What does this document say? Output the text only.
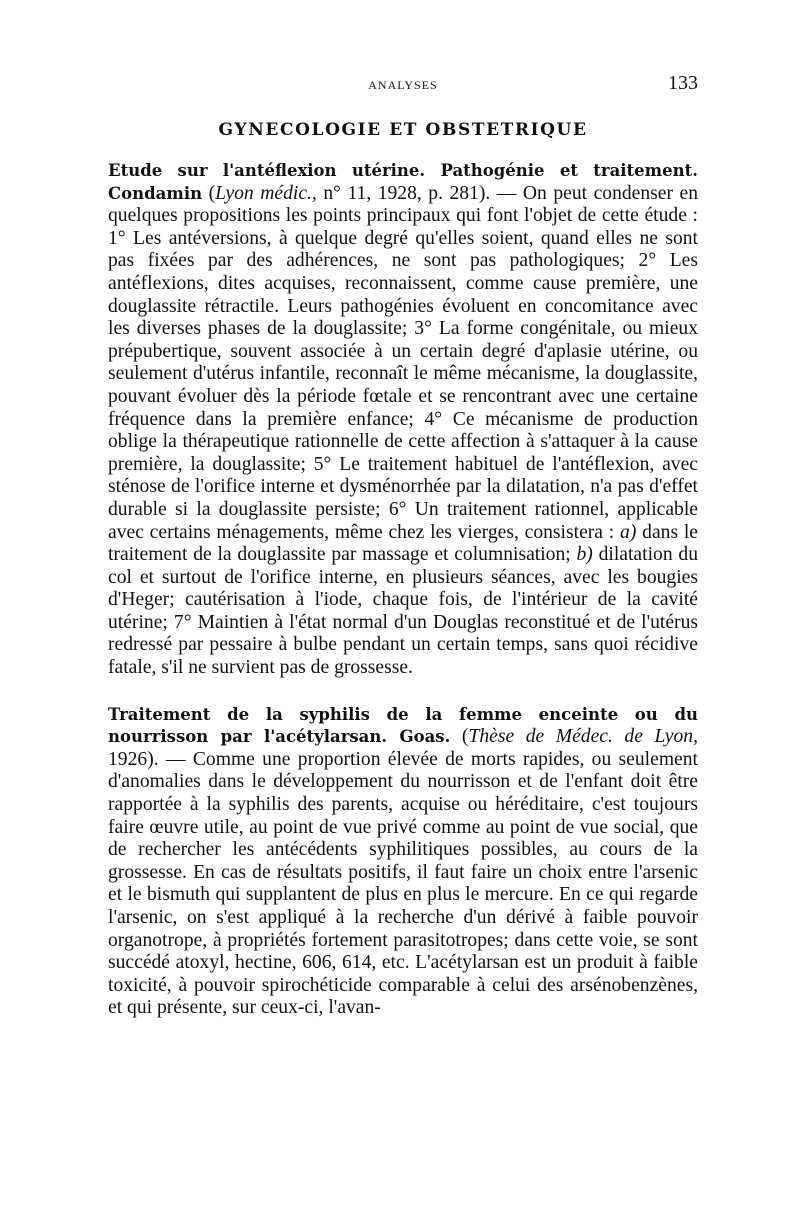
ANALYSES	133
GYNECOLOGIE ET OBSTETRIQUE

Etude sur l'antéflexion utérine. Pathogénie et traitement. Condamin (Lyon médic., n° 11, 1928, p. 281). — On peut condenser en quelques propositions les points principaux qui font l'objet de cette étude : 1° Les antéversions, à quelque degré qu'elles soient, quand elles ne sont pas fixées par des adhérences, ne sont pas pathologiques; 2° Les antéflexions, dites acquises, reconnaissent, comme cause première, une douglassite rétractile. Leurs pathogénies évoluent en concomitance avec les diverses phases de la douglassite; 3° La forme congénitale, ou mieux prépubertique, souvent associée à un certain degré d'aplasie utérine, ou seulement d'utérus infantile, reconnaît le même mécanisme, la douglassite, pouvant évoluer dès la période fœtale et se rencontrant avec une certaine fréquence dans la première enfance; 4° Ce mécanisme de production oblige la thérapeutique rationnelle de cette affection à s'attaquer à la cause première, la douglassite; 5° Le traitement habituel de l'antéflexion, avec sténose de l'orifice interne et dysménorrhée par la dilatation, n'a pas d'effet durable si la douglassite persiste; 6° Un traitement rationnel, applicable avec certains ménagements, même chez les vierges, consistera : a) dans le traitement de la douglassite par massage et columnisation; b) dilatation du col et surtout de l'orifice interne, en plusieurs séances, avec les bougies d'Heger; cautérisation à l'iode, chaque fois, de l'intérieur de la cavité utérine; 7° Maintien à l'état normal d'un Douglas reconstitué et de l'utérus redressé par pessaire à bulbe pendant un certain temps, sans quoi récidive fatale, s'il ne survient pas de grossesse.

Traitement de la syphilis de la femme enceinte ou du nourrisson par l'acétylarsan. Goas. (Thèse de Médec. de Lyon, 1926). — Comme une proportion élevée de morts rapides, ou seulement d'anomalies dans le développement du nourrisson et de l'enfant doit être rapportée à la syphilis des parents, acquise ou héréditaire, c'est toujours faire œuvre utile, au point de vue privé comme au point de vue social, que de rechercher les antécédents syphilitiques possibles, au cours de la grossesse. En cas de résultats positifs, il faut faire un choix entre l'arsenic et le bismuth qui supplantent de plus en plus le mercure. En ce qui regarde l'arsenic, on s'est appliqué à la recherche d'un dérivé à faible pouvoir organotrope, à propriétés fortement parasitotropes; dans cette voie, se sont succédé atoxyl, hectine, 606, 614, etc. L'acétylarsan est un produit à faible toxicité, à pouvoir spirochéticide comparable à celui des arsénobenzènes, et qui présente, sur ceux-ci, l'avan-
